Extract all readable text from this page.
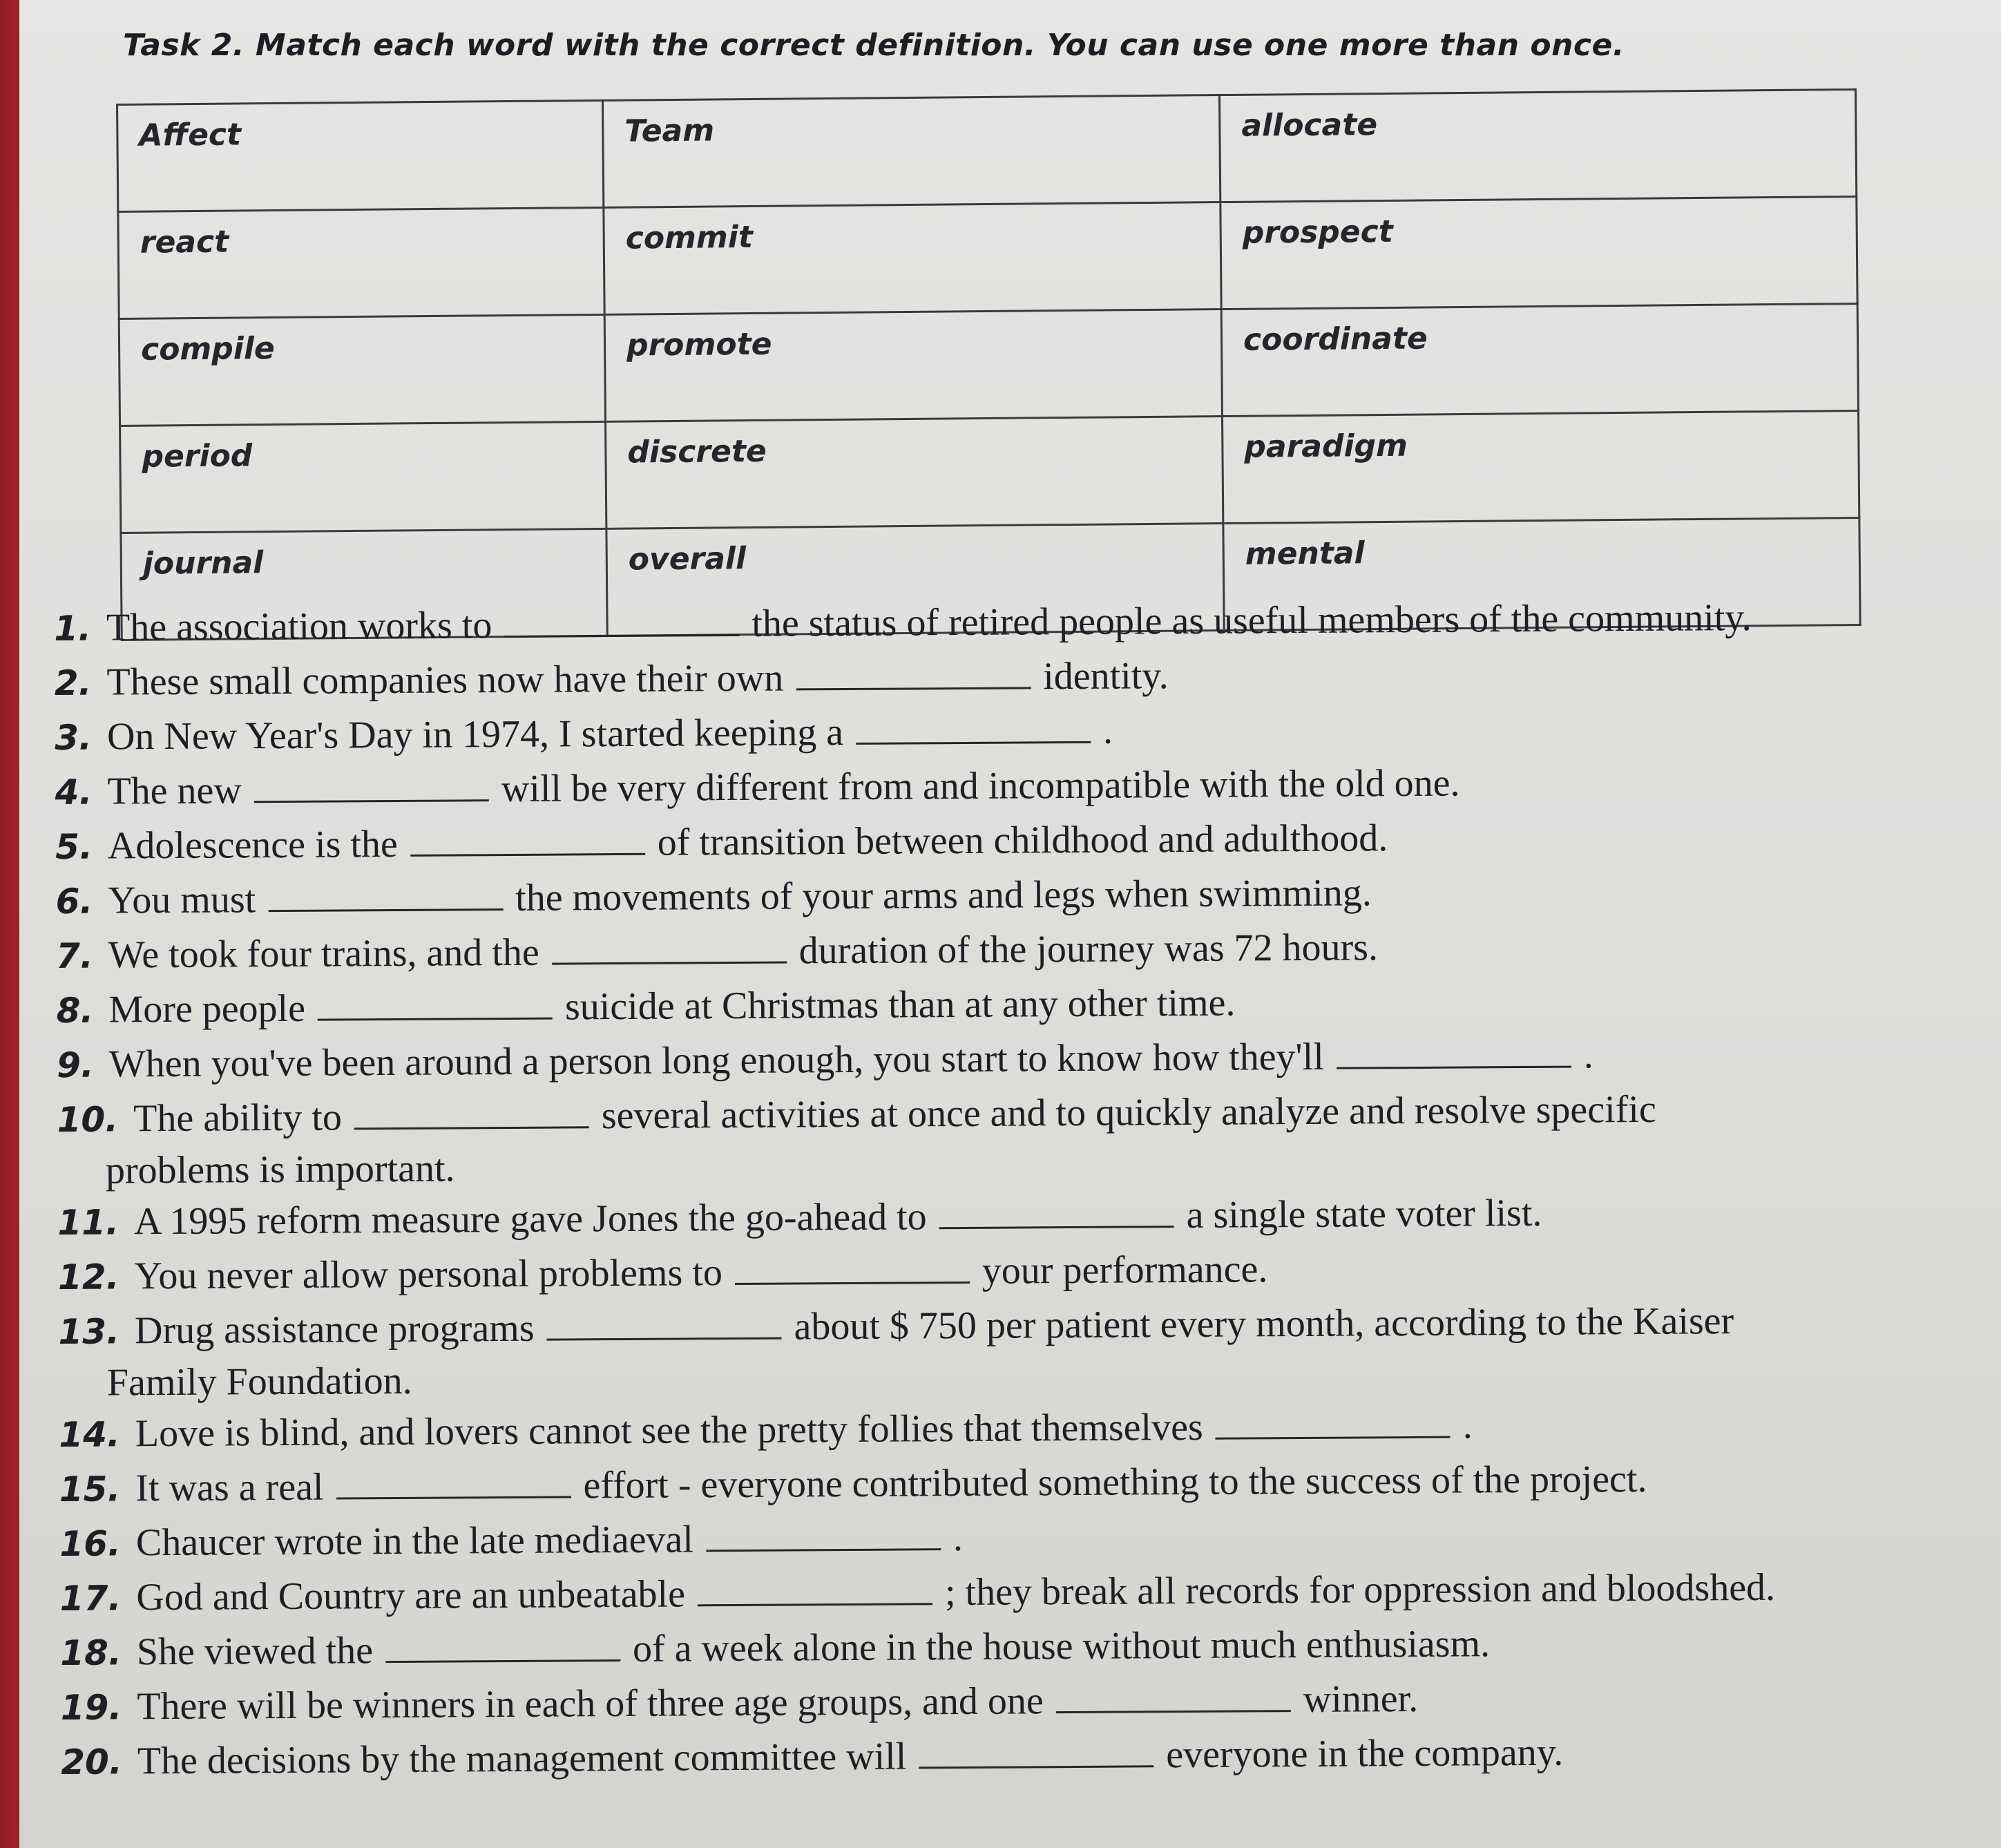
Task 2. Match each word with the correct definition. You can use one more than once.
Affect	Team	allocate
react	commit	prospect
compile	promote	coordinate
period	discrete	paradigm
journal	overall	mental
1. The association works to	the status of retired people as useful members of the community.
2. These small companies now have their own	identity.
3. On New Year's Day in 1974, I started keeping a	.
4. The new	will be very different from and incompatible with the old one.
5. Adolescence is the	of transition between childhood and adulthood.
6. You must	the movements of your arms and legs when swimming.
7. We took four trains, and the	duration of the journey was 72 hours.
8. More people	suicide at Christmas than at any other time.
9. When you've been around a person long enough, you start to know how they'll	.
10. The ability to	several activities at once and to quickly analyze and resolve specific
problems is important.
11. A 1995 reform measure gave Jones the go-ahead to	a single state voter list.
12. You never allow personal problems to	your performance.
13. Drug assistance programs	about $ 750 per patient every month, according to the Kaiser
Family Foundation.
14. Love is blind, and lovers cannot see the pretty follies that themselves	.
15. It was a real	effort - everyone contributed something to the success of the project.
16. Chaucer wrote in the late mediaeval	.
17. God and Country are an unbeatable	; they break all records for oppression and bloodshed.
18. She viewed the	of a week alone in the house without much enthusiasm.
19. There will be winners in each of three age groups, and one	winner.
20. The decisions by the management committee will	everyone in the company.
